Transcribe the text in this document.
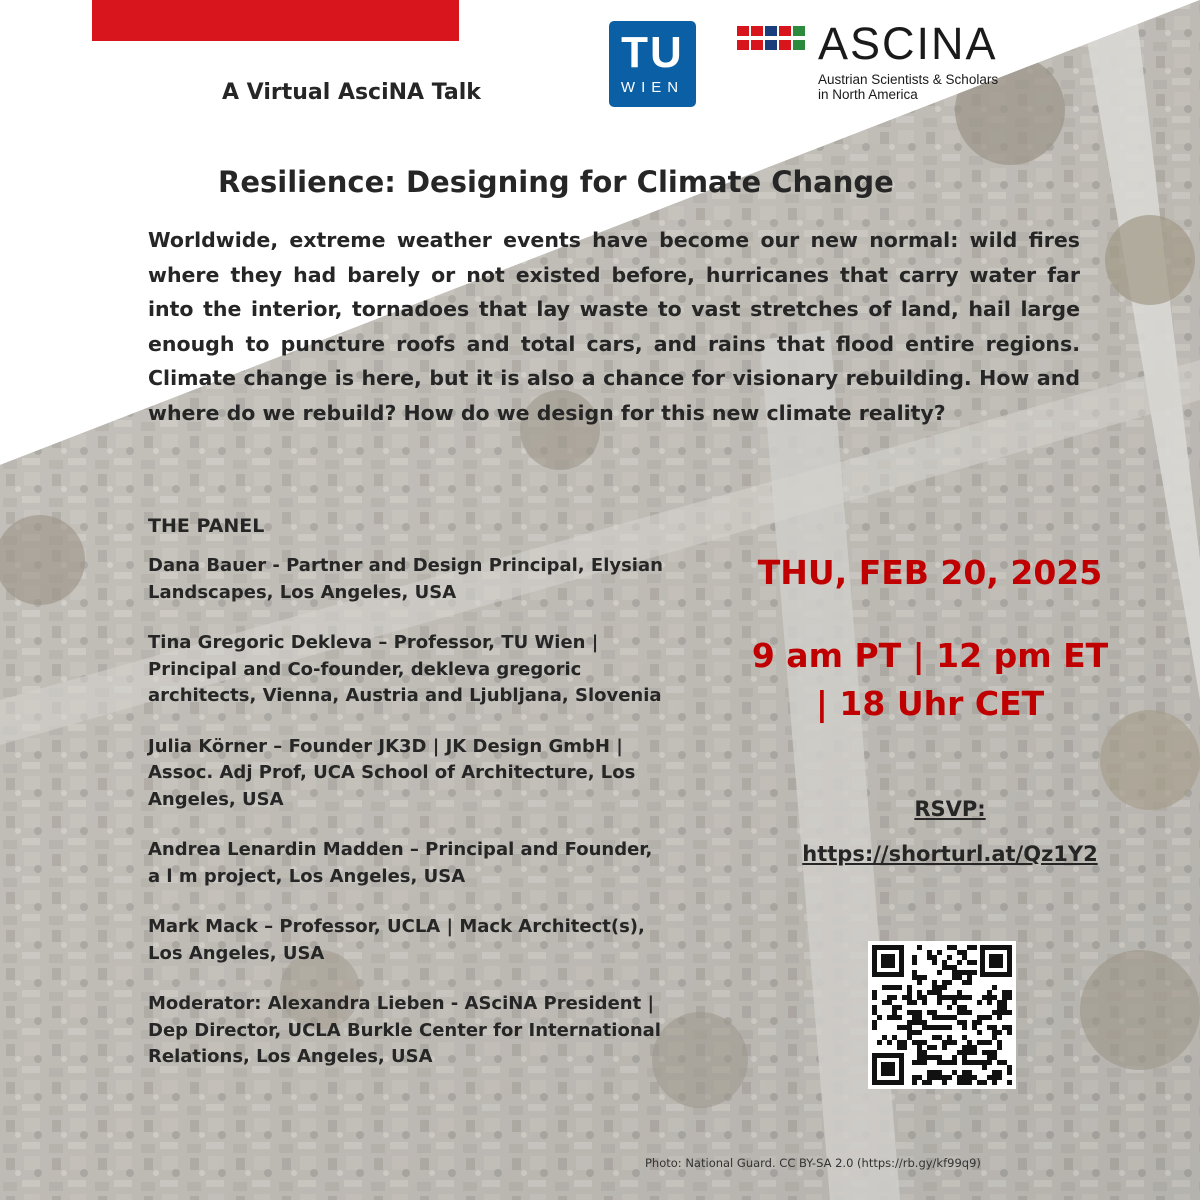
A Virtual AsciNA Talk

TU
WIEN
ASCINA
Austrian Scientists & Scholars
in North America
Resilience: Designing for Climate Change

Worldwide, extreme weather events have become our new normal: wild fires where they had barely or not existed before, hurricanes that carry water far into the interior, tornadoes that lay waste to vast stretches of land, hail large enough to puncture roofs and total cars, and rains that flood entire regions. Climate change is here, but it is also a chance for visionary rebuilding. How and where do we rebuild? How do we design for this new climate reality?

THE PANEL

Dana Bauer - Partner and Design Principal, Elysian Landscapes, Los Angeles, USA

Tina Gregoric Dekleva – Professor, TU Wien | Principal and Co-founder, dekleva gregoric architects, Vienna, Austria and Ljubljana, Slovenia

Julia Körner – Founder JK3D | JK Design GmbH | Assoc. Adj Prof, UCA School of Architecture, Los Angeles, USA

Andrea Lenardin Madden – Principal and Founder, a l m project, Los Angeles, USA

Mark Mack – Professor, UCLA | Mack Architect(s), Los Angeles, USA

Moderator: Alexandra Lieben - ASciNA President | Dep Director, UCLA Burkle Center for International Relations, Los Angeles, USA

THU, FEB 20, 2025

9 am PT | 12 pm ET
| 18 Uhr CET

RSVP:

https://shorturl.at/Qz1Y2

Photo: National Guard. CC BY-SA 2.0 (https://rb.gy/kf99q9)
